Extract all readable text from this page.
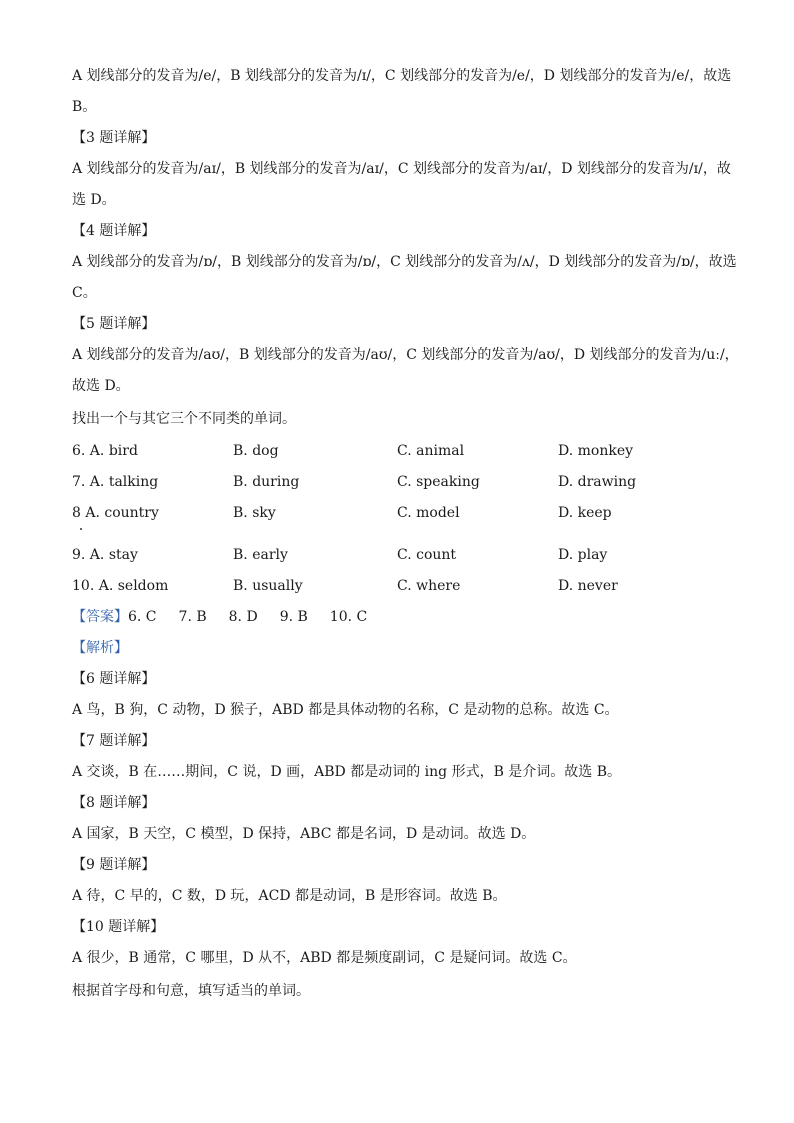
A 划线部分的发音为/e/，B 划线部分的发音为/ɪ/，C 划线部分的发音为/e/，D 划线部分的发音为/e/，故选
B。
【3 题详解】
A 划线部分的发音为/aɪ/，B 划线部分的发音为/aɪ/，C 划线部分的发音为/aɪ/，D 划线部分的发音为/ɪ/，故
选 D。
【4 题详解】
A 划线部分的发音为/ɒ/，B 划线部分的发音为/ɒ/，C 划线部分的发音为/ʌ/，D 划线部分的发音为/ɒ/，故选
C。
【5 题详解】
A 划线部分的发音为/aʊ/，B 划线部分的发音为/aʊ/，C 划线部分的发音为/aʊ/，D 划线部分的发音为/uː/，
故选 D。
找出一个与其它三个不同类的单词。
6. A. bird	B. dog	C. animal	D. monkey
7. A. talking	B. during	C. speaking	D. drawing
8 A. country	B. sky	C. model	D. keep
9. A. stay	B. early	C. count	D. play
10. A. seldom	B. usually	C. where	D. never
【答案】6. C 7. B 8. D 9. B 10. C
【解析】
【6 题详解】
A 鸟，B 狗，C 动物，D 猴子，ABD 都是具体动物的名称，C 是动物的总称。故选 C。
【7 题详解】
A 交谈，B 在……期间，C 说，D 画，ABD 都是动词的 ing 形式，B 是介词。故选 B。
【8 题详解】
A 国家，B 天空，C 模型，D 保持，ABC 都是名词，D 是动词。故选 D。
【9 题详解】
A 待，C 早的，C 数，D 玩，ACD 都是动词，B 是形容词。故选 B。
【10 题详解】
A 很少，B 通常，C 哪里，D 从不，ABD 都是频度副词，C 是疑问词。故选 C。
根据首字母和句意，填写适当的单词。
